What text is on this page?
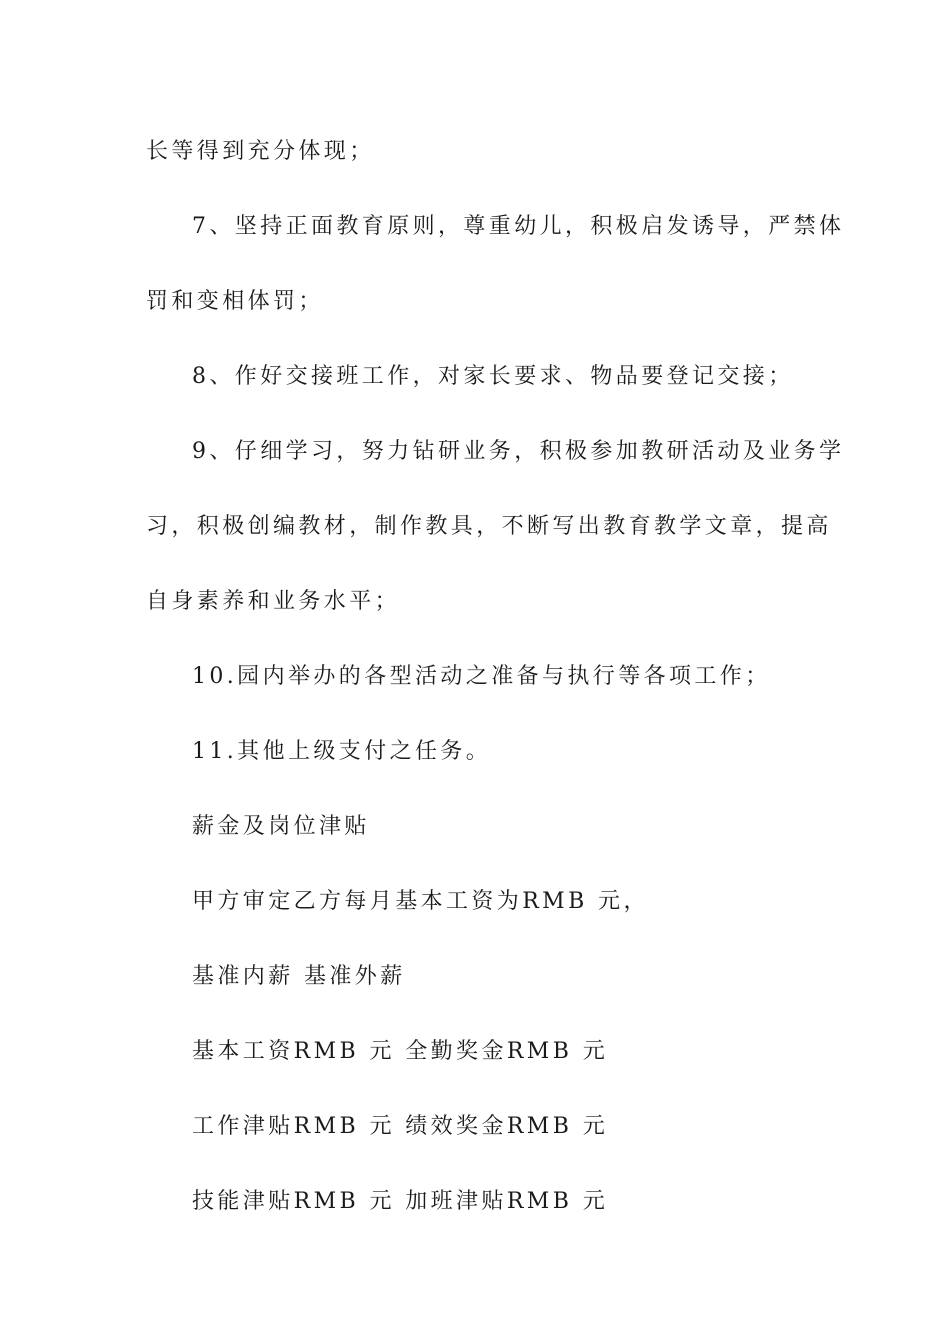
长等得到充分体现；
7、坚持正面教育原则，尊重幼儿，积极启发诱导，严禁体
罚和变相体罚；
8、作好交接班工作，对家长要求、物品要登记交接；
9、仔细学习，努力钻研业务，积极参加教研活动及业务学
习，积极创编教材，制作教具，不断写出教育教学文章，提高
自身素养和业务水平；
10.园内举办的各型活动之准备与执行等各项工作；
11.其他上级支付之任务。
薪金及岗位津贴
甲方审定乙方每月基本工资为RMB 元，
基准内薪 基准外薪
基本工资RMB 元 全勤奖金RMB 元
工作津贴RMB 元 绩效奖金RMB 元
技能津贴RMB 元 加班津贴RMB 元
